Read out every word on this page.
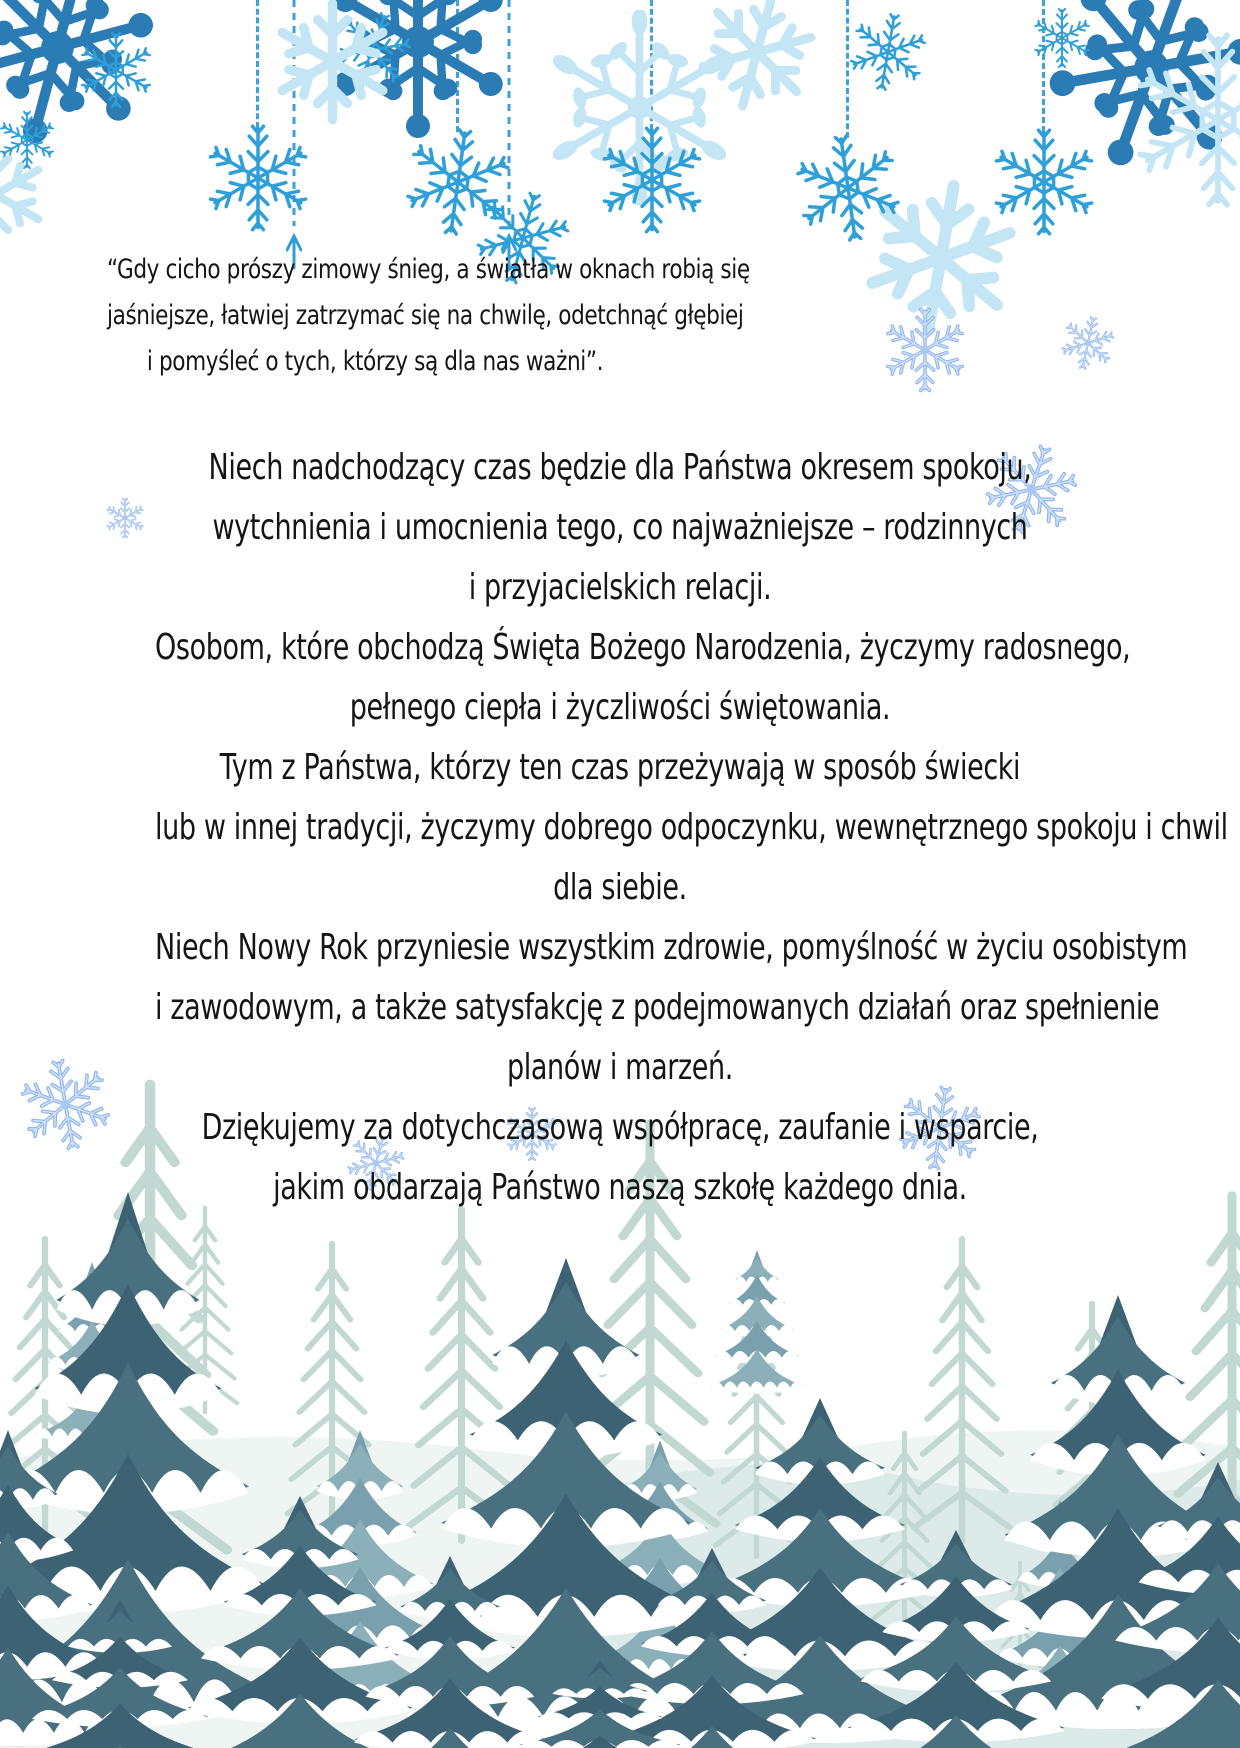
“Gdy cicho prószy zimowy śnieg, a światła w oknach robią się
jaśniejsze, łatwiej zatrzymać się na chwilę, odetchnąć głębiej
i pomyśleć o tych, którzy są dla nas ważni”.
Niech nadchodzący czas będzie dla Państwa okresem spokoju,
wytchnienia i umocnienia tego, co najważniejsze – rodzinnych
i przyjacielskich relacji.
Osobom, które obchodzą Święta Bożego Narodzenia, życzymy radosnego,
pełnego ciepła i życzliwości świętowania.
Tym z Państwa, którzy ten czas przeżywają w sposób świecki
lub w innej tradycji, życzymy dobrego odpoczynku, wewnętrznego spokoju i chwil
dla siebie.
Niech Nowy Rok przyniesie wszystkim zdrowie, pomyślność w życiu osobistym
i zawodowym, a także satysfakcję z podejmowanych działań oraz spełnienie
planów i marzeń.
Dziękujemy za dotychczasową współpracę, zaufanie i wsparcie,
jakim obdarzają Państwo naszą szkołę każdego dnia.
